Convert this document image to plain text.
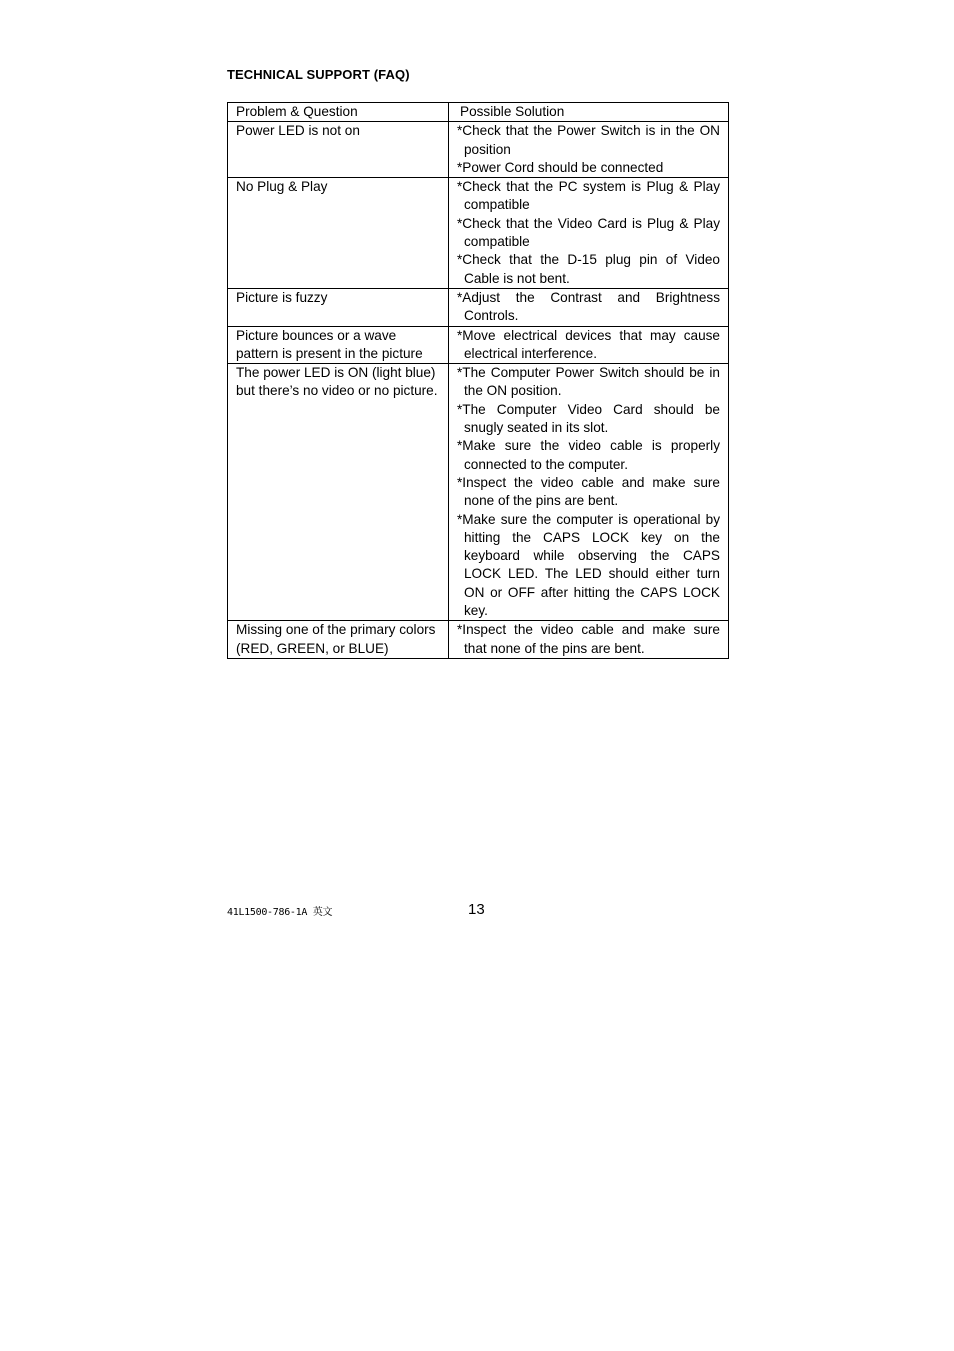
TECHNICAL SUPPORT (FAQ)
Problem & Question	Possible Solution

Power LED is not on	*Check that the Power Switch is in the ON position
*Power Cord should be connected

No Plug & Play	*Check that the PC system is Plug & Play compatible
*Check that the Video Card is Plug & Play compatible
*Check that the D-15 plug pin of Video Cable is not bent.

Picture is fuzzy	*Adjust the Contrast and Brightness Controls.

Picture bounces or a wave pattern is present in the picture	*Move electrical devices that may cause electrical interference.

The power LED is ON (light blue) but there’s no video or no picture.	*The Computer Power Switch should be in the ON position.
*The Computer Video Card should be snugly seated in its slot.
*Make sure the video cable is properly connected to the computer.
*Inspect the video cable and make sure none of the pins are bent.
*Make sure the computer is operational by hitting the CAPS LOCK key on the keyboard while observing the CAPS LOCK LED. The LED should either turn ON or OFF after hitting the CAPS LOCK key.

Missing one of the primary colors (RED, GREEN, or BLUE)	*Inspect the video cable and make sure that none of the pins are bent.
41L1500-786-1A 英文	13
